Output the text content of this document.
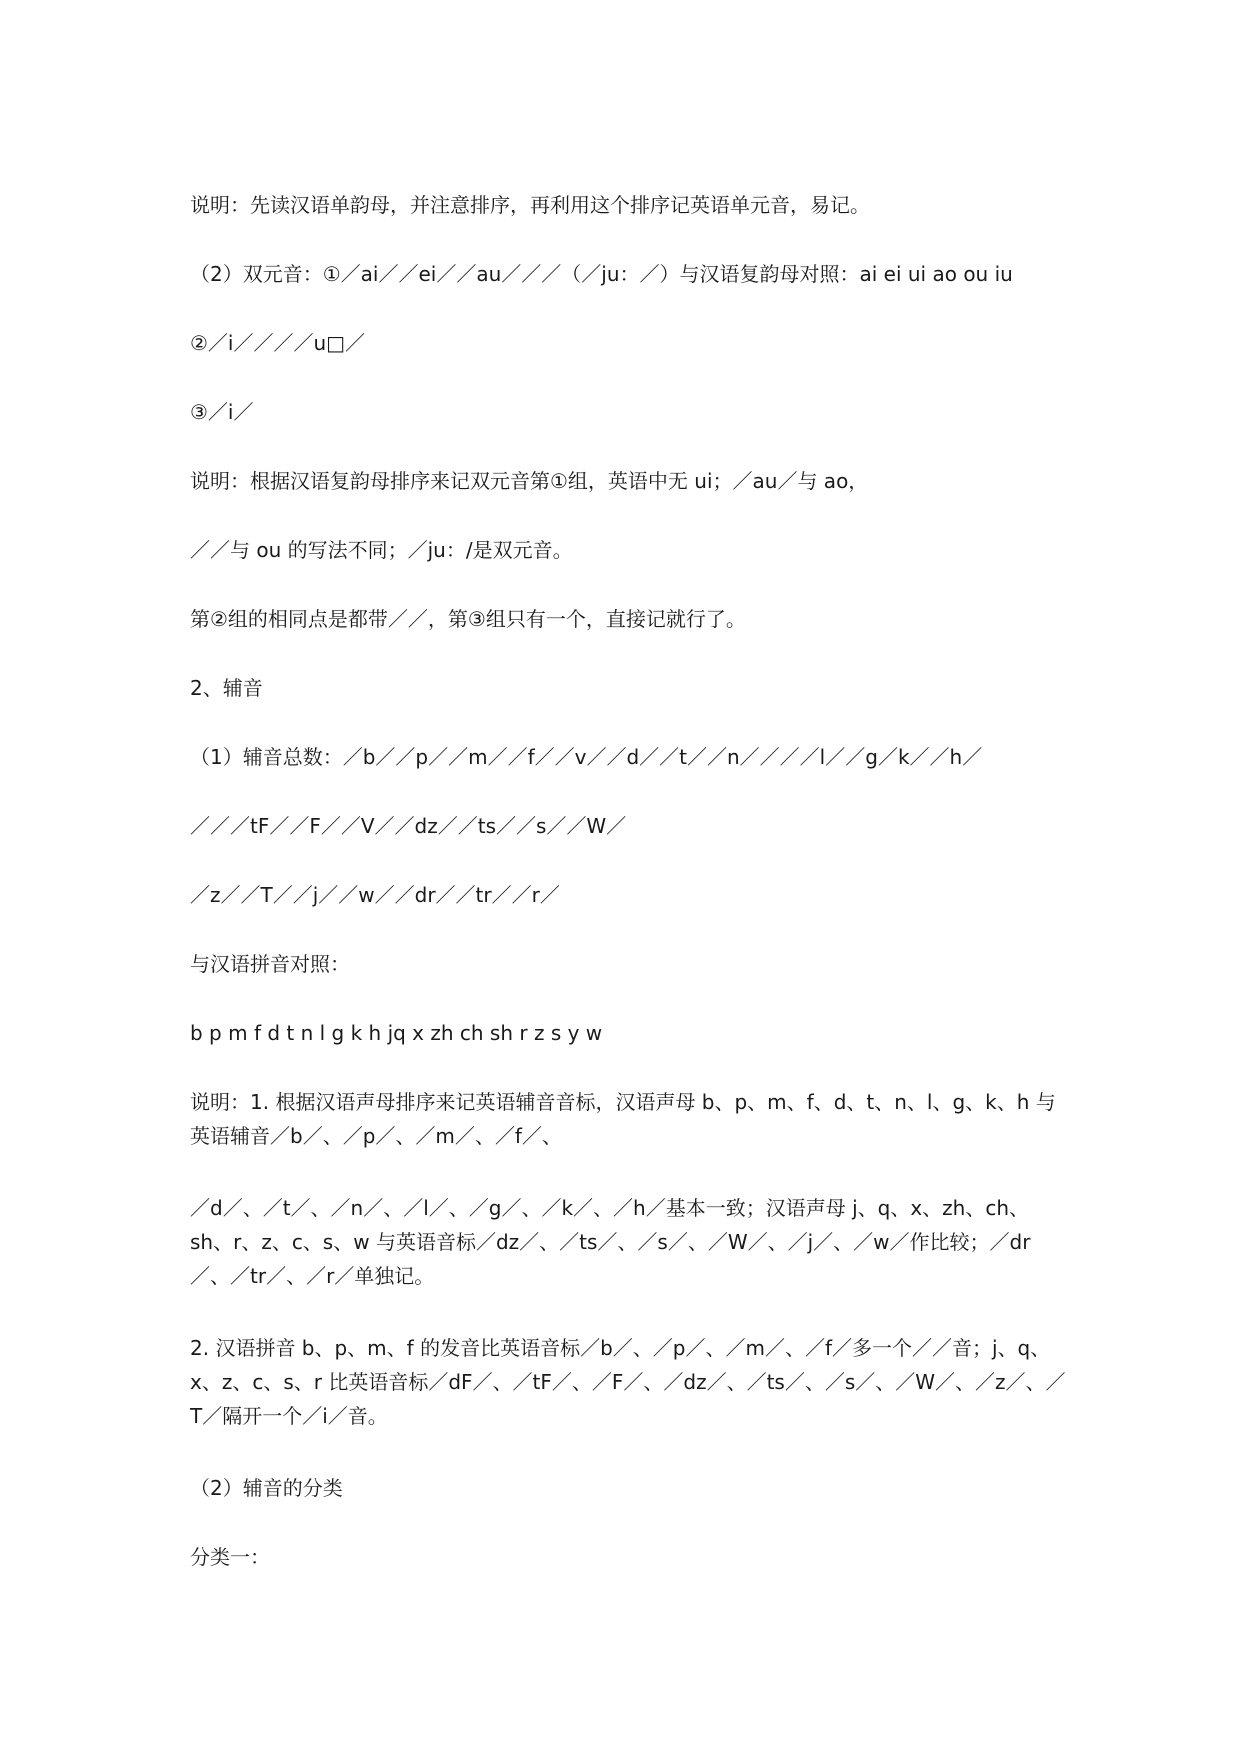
说明：先读汉语单韵母，并注意排序，再利用这个排序记英语单元音，易记。

（2）双元音：①／ai／／ei／／au／／／（／ju：／）与汉语复韵母对照：ai ei ui ao ou iu

②／i／／／／u□／

③／i／

说明：根据汉语复韵母排序来记双元音第①组，英语中无 ui；／au／与 ao，

／／与 ou 的写法不同；／ju：/是双元音。

第②组的相同点是都带／／，第③组只有一个，直接记就行了。

2、辅音

（1）辅音总数：／b／／p／／m／／f／／v／／d／／t／／n／／／／l／／g／k／／h／

／／／tF／／F／／V／／dz／／ts／／s／／W／

／z／／T／／j／／w／／dr／／tr／／r／

与汉语拼音对照：

b p m f d t n l g k h jq x zh ch sh r z s y w

说明：1. 根据汉语声母排序来记英语辅音音标，汉语声母 b、p、m、f、d、t、n、l、g、k、h 与英语辅音／b／、／p／、／m／、／f／、

／d／、／t／、／n／、／l／、／g／、／k／、／h／基本一致；汉语声母 j、q、x、zh、ch、sh、r、z、c、s、w 与英语音标／dz／、／ts／、／s／、／W／、／j／、／w／作比较；／dr／、／tr／、／r／单独记。

2. 汉语拼音 b、p、m、f 的发音比英语音标／b／、／p／、／m／、／f／多一个／／音；j、q、x、z、c、s、r 比英语音标／dF／、／tF／、／F／、／dz／、／ts／、／s／、／W／、／z／、／T／隔开一个／i／音。

（2）辅音的分类

分类一：
